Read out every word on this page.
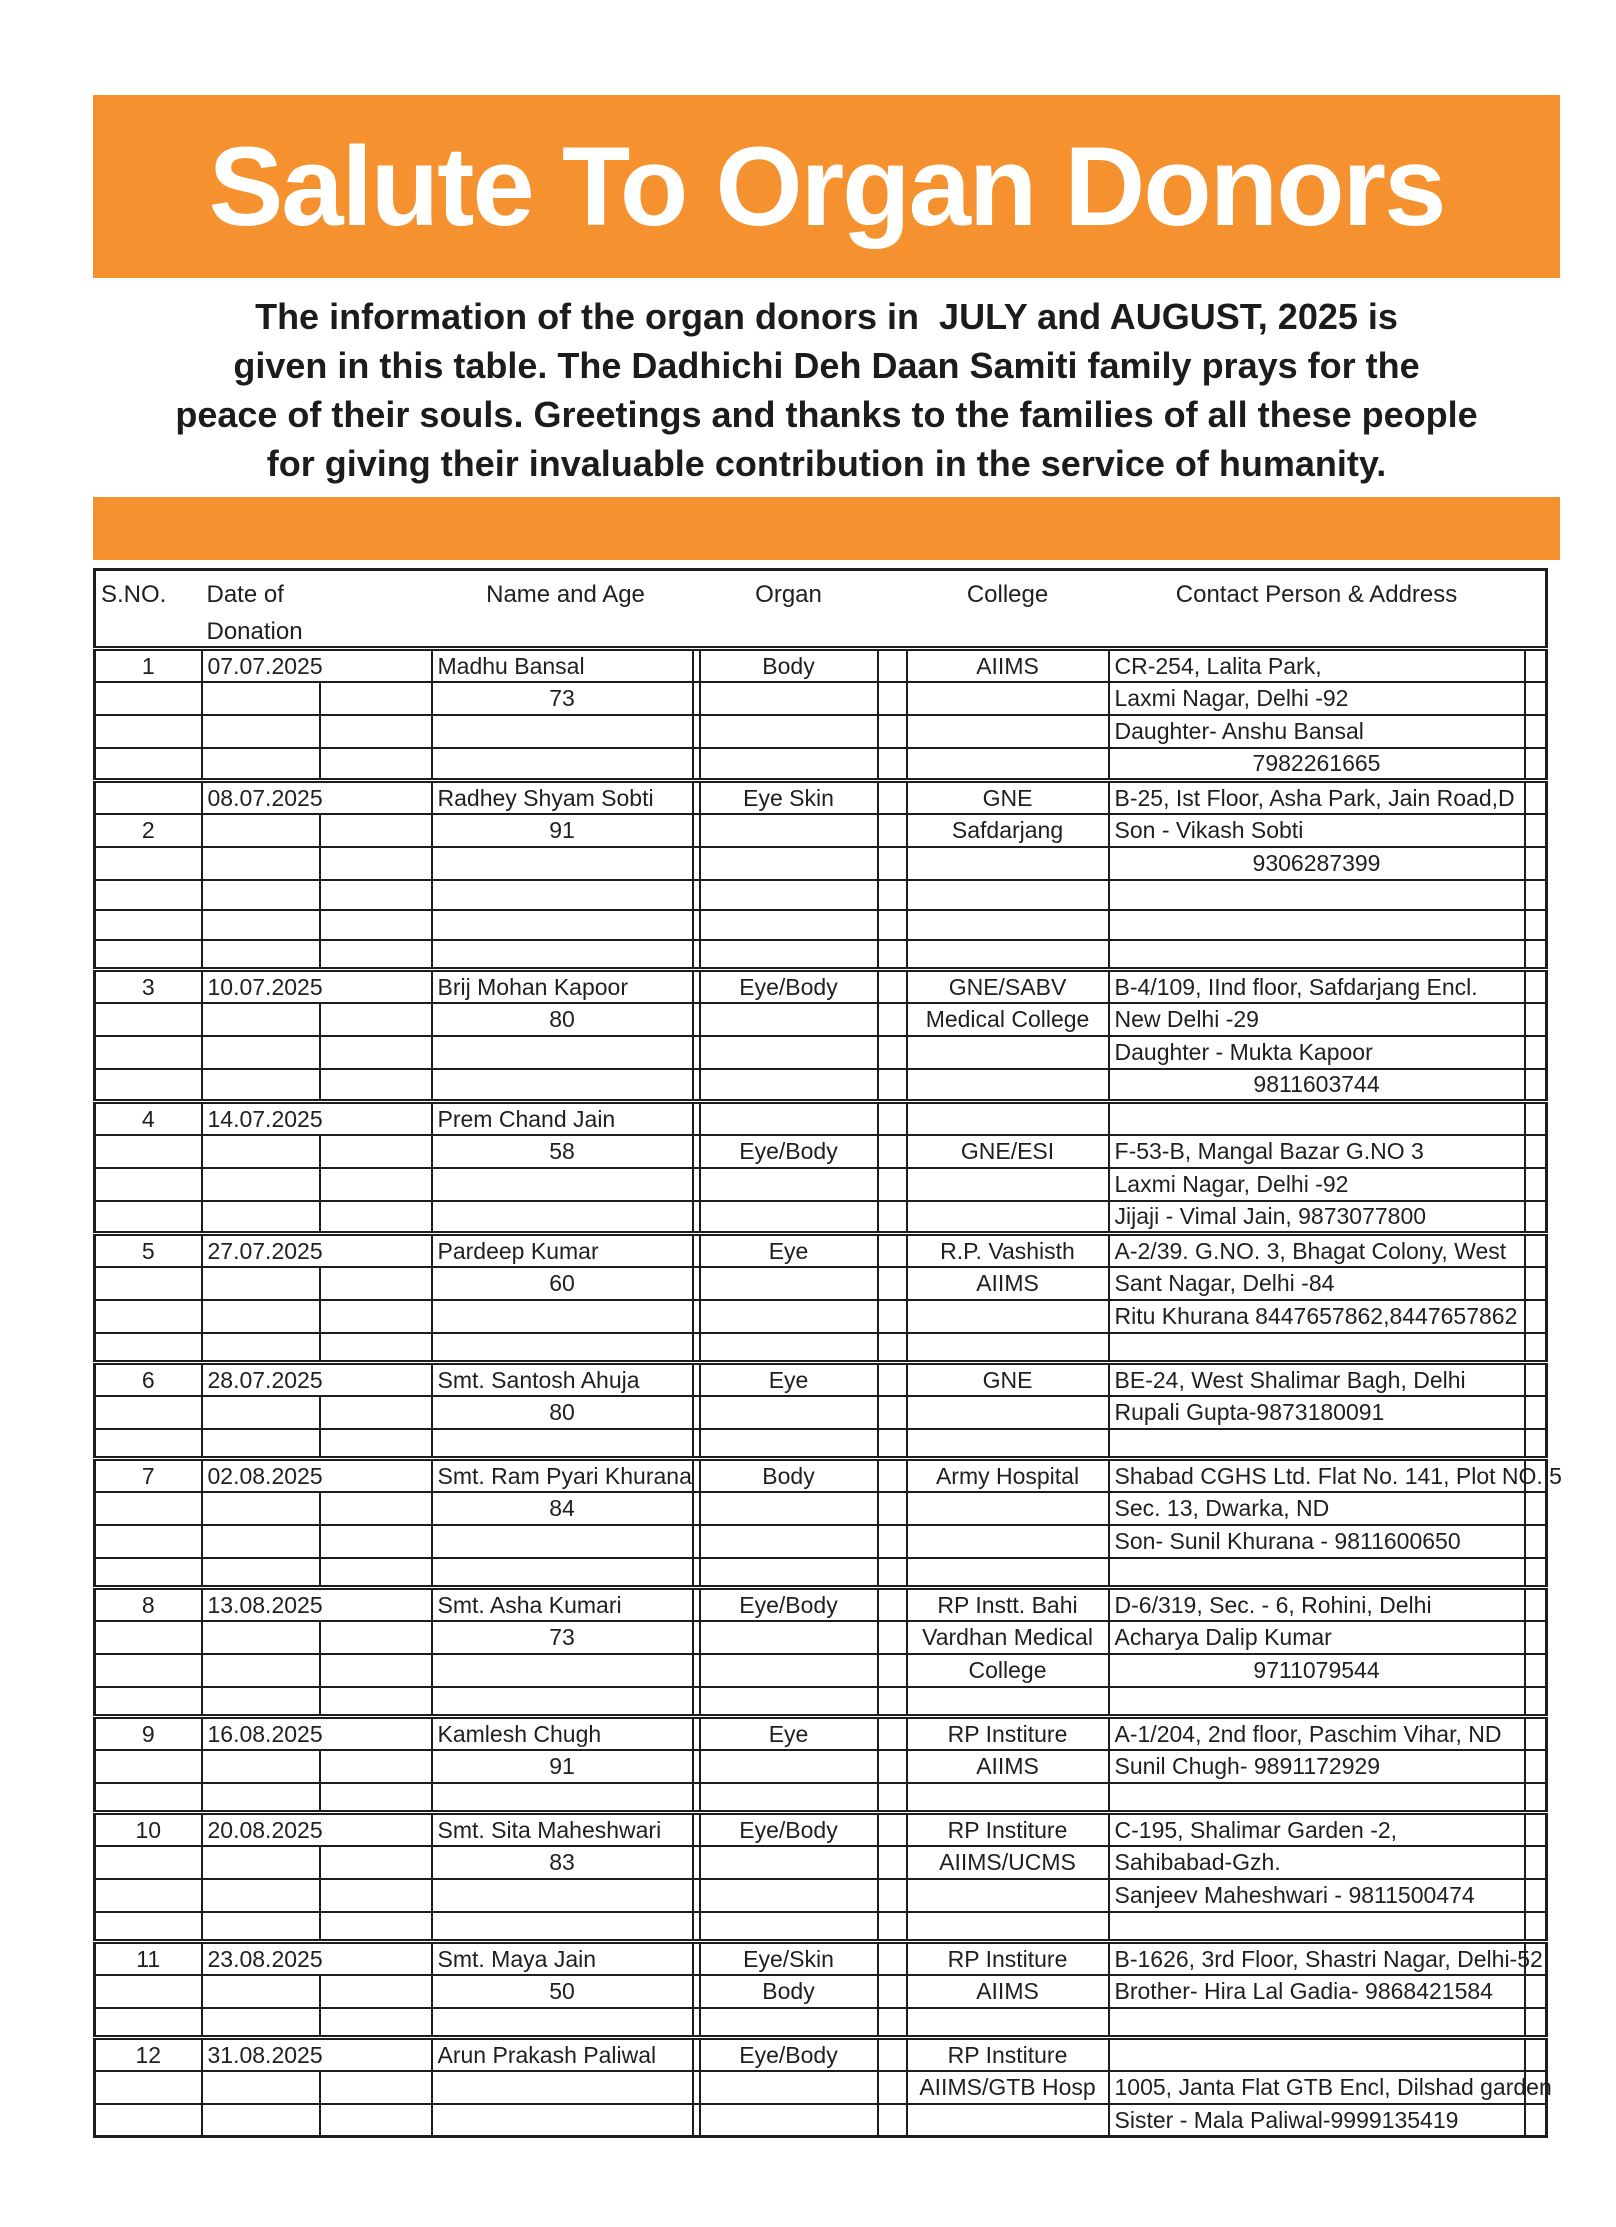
Salute To Organ Donors
The information of the organ donors in  JULY and AUGUST, 2025 is
given in this table. The Dadhichi Deh Daan Samiti family prays for the
peace of their souls. Greetings and thanks to the families of all these people
for giving their invaluable contribution in the service of humanity.
S.NO.	Date of
Donation		Name and Age		Organ		College	Contact Person & Address	
1	07.07.2025		Madhu Bansal		Body		AIIMS	CR-254, Lalita Park,	
			73					Laxmi Nagar, Delhi -92	
								Daughter- Anshu Bansal	
								7982261665	
	08.07.2025		Radhey Shyam Sobti		Eye Skin		GNE	B-25, Ist Floor, Asha Park, Jain Road,D	
2			91				Safdarjang	Son - Vikash Sobti	
								9306287399	

3	10.07.2025		Brij Mohan Kapoor		Eye/Body		GNE/SABV	B-4/109, IInd floor, Safdarjang Encl.	
			80				Medical College	New Delhi -29	
								Daughter - Mukta Kapoor	
								9811603744	
4	14.07.2025		Prem Chand Jain						
			58		Eye/Body		GNE/ESI	F-53-B, Mangal Bazar G.NO 3	
								Laxmi Nagar, Delhi -92	
								Jijaji - Vimal Jain, 9873077800	
5	27.07.2025		Pardeep Kumar		Eye		R.P. Vashisth	A-2/39. G.NO. 3, Bhagat Colony, West	
			60				AIIMS	Sant Nagar, Delhi -84	
								Ritu Khurana 8447657862,8447657862	

6	28.07.2025		Smt. Santosh Ahuja		Eye		GNE	BE-24, West Shalimar Bagh, Delhi	
			80					Rupali Gupta-9873180091	

7	02.08.2025		Smt. Ram Pyari Khurana		Body		Army Hospital	Shabad CGHS Ltd. Flat No. 141, Plot NO. 5	
			84					Sec. 13, Dwarka, ND	
								Son- Sunil Khurana - 9811600650	

8	13.08.2025		Smt. Asha Kumari		Eye/Body		RP Instt. Bahi	D-6/319, Sec. - 6, Rohini, Delhi	
			73				Vardhan Medical	Acharya Dalip Kumar	
							College	9711079544	

9	16.08.2025		Kamlesh Chugh		Eye		RP Institure	A-1/204, 2nd floor, Paschim Vihar, ND	
			91				AIIMS	Sunil Chugh- 9891172929	

10	20.08.2025		Smt. Sita Maheshwari		Eye/Body		RP Institure	C-195, Shalimar Garden -2,	
			83				AIIMS/UCMS	Sahibabad-Gzh.	
								Sanjeev Maheshwari - 9811500474	

11	23.08.2025		Smt. Maya Jain		Eye/Skin		RP Institure	B-1626, 3rd Floor, Shastri Nagar, Delhi-52	
			50		Body		AIIMS	Brother- Hira Lal Gadia- 9868421584	

12	31.08.2025		Arun Prakash Paliwal		Eye/Body		RP Institure		
							AIIMS/GTB Hosp	1005, Janta Flat GTB Encl, Dilshad garden	
								Sister - Mala Paliwal-9999135419	
